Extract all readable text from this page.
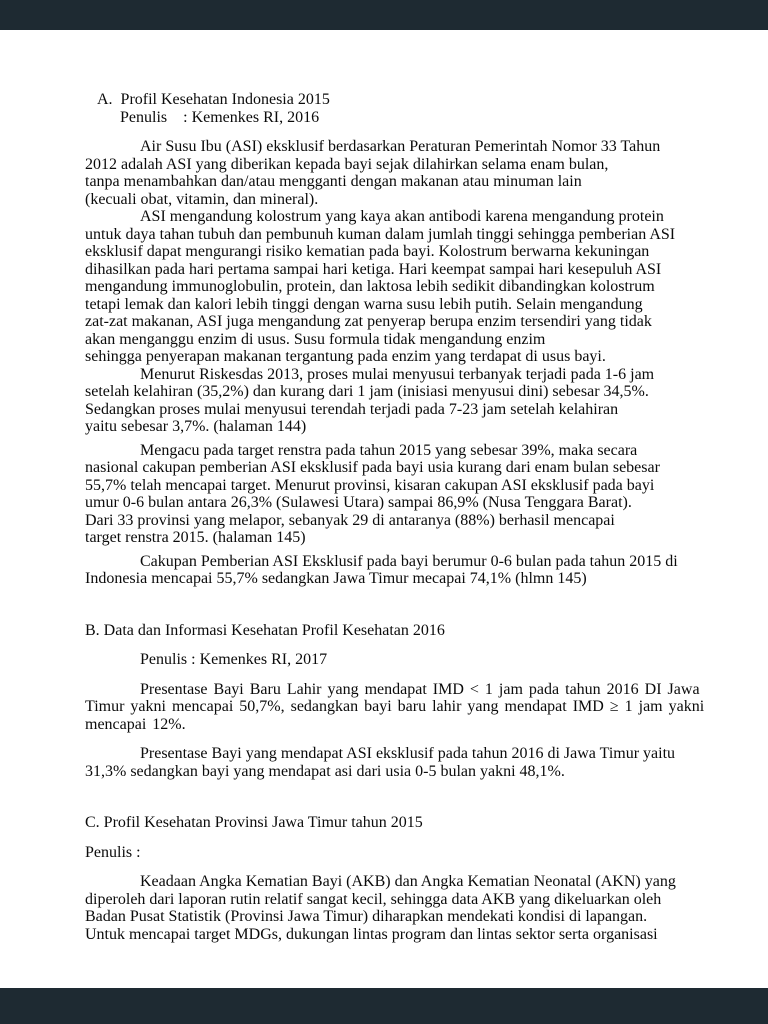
A.  Profil Kesehatan Indonesia 2015
Penulis    : Kemenkes RI, 2016
Air Susu Ibu (ASI) eksklusif berdasarkan Peraturan Pemerintah Nomor 33 Tahun
2012 adalah ASI yang diberikan kepada bayi sejak dilahirkan selama enam bulan,
tanpa menambahkan dan/atau mengganti dengan makanan atau minuman lain
(kecuali obat, vitamin, dan mineral).
ASI mengandung kolostrum yang kaya akan antibodi karena mengandung protein
untuk daya tahan tubuh dan pembunuh kuman dalam jumlah tinggi sehingga pemberian ASI
eksklusif dapat mengurangi risiko kematian pada bayi. Kolostrum berwarna kekuningan
dihasilkan pada hari pertama sampai hari ketiga. Hari keempat sampai hari kesepuluh ASI
mengandung immunoglobulin, protein, dan laktosa lebih sedikit dibandingkan kolostrum
tetapi lemak dan kalori lebih tinggi dengan warna susu lebih putih. Selain mengandung
zat-zat makanan, ASI juga mengandung zat penyerap berupa enzim tersendiri yang tidak
akan menganggu enzim di usus. Susu formula tidak mengandung enzim
sehingga penyerapan makanan tergantung pada enzim yang terdapat di usus bayi.
Menurut Riskesdas 2013, proses mulai menyusui terbanyak terjadi pada 1-6 jam
setelah kelahiran (35,2%) dan kurang dari 1 jam (inisiasi menyusui dini) sebesar 34,5%.
Sedangkan proses mulai menyusui terendah terjadi pada 7-23 jam setelah kelahiran
yaitu sebesar 3,7%. (halaman 144)
Mengacu pada target renstra pada tahun 2015 yang sebesar 39%, maka secara
nasional cakupan pemberian ASI eksklusif pada bayi usia kurang dari enam bulan sebesar
55,7% telah mencapai target. Menurut provinsi, kisaran cakupan ASI eksklusif pada bayi
umur 0-6 bulan antara 26,3% (Sulawesi Utara) sampai 86,9% (Nusa Tenggara Barat).
Dari 33 provinsi yang melapor, sebanyak 29 di antaranya (88%) berhasil mencapai
target renstra 2015. (halaman 145)
Cakupan Pemberian ASI Eksklusif pada bayi berumur 0-6 bulan pada tahun 2015 di
Indonesia mencapai 55,7% sedangkan Jawa Timur mecapai 74,1% (hlmn 145)
B. Data dan Informasi Kesehatan Profil Kesehatan 2016
Penulis : Kemenkes RI, 2017
Presentase Bayi Baru Lahir yang mendapat IMD < 1 jam pada tahun 2016 DI Jawa
Timur yakni mencapai 50,7%, sedangkan bayi baru lahir yang mendapat IMD ≥ 1 jam yakni
mencapai 12%.
Presentase Bayi yang mendapat ASI eksklusif pada tahun 2016 di Jawa Timur yaitu
31,3% sedangkan bayi yang mendapat asi dari usia 0-5 bulan yakni 48,1%.
C. Profil Kesehatan Provinsi Jawa Timur tahun 2015
Penulis :
Keadaan Angka Kematian Bayi (AKB) dan Angka Kematian Neonatal (AKN) yang
diperoleh dari laporan rutin relatif sangat kecil, sehingga data AKB yang dikeluarkan oleh
Badan Pusat Statistik (Provinsi Jawa Timur) diharapkan mendekati kondisi di lapangan.
Untuk mencapai target MDGs, dukungan lintas program dan lintas sektor serta organisasi
